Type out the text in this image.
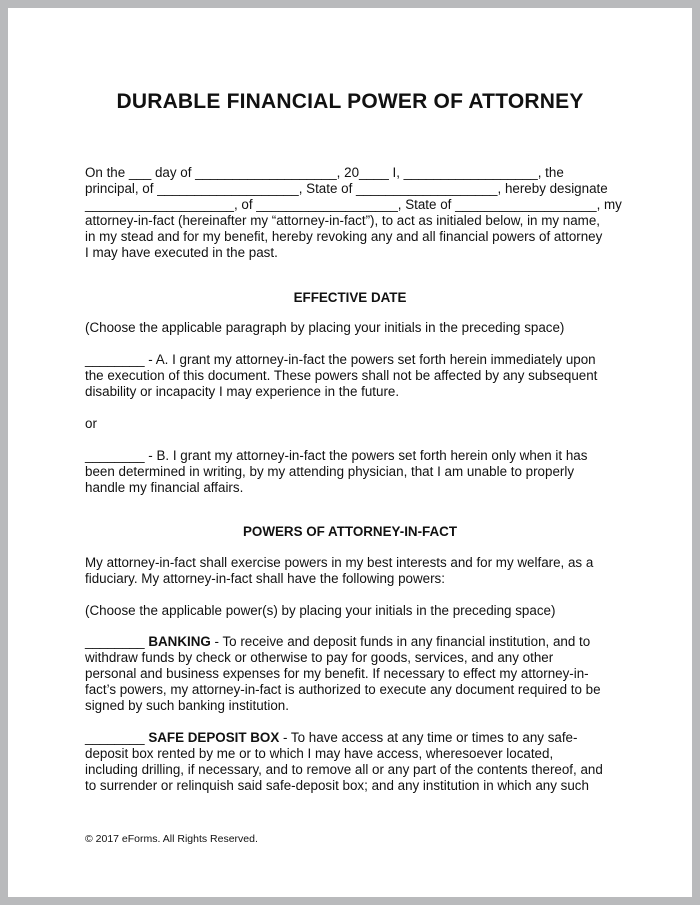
DURABLE FINANCIAL POWER OF ATTORNEY
On the ___ day of ___________________, 20____ I, __________________, the
principal, of ___________________, State of ___________________, hereby designate
____________________, of ___________________, State of ___________________, my
attorney-in-fact (hereinafter my “attorney-in-fact”), to act as initialed below, in my name,
in my stead and for my benefit, hereby revoking any and all financial powers of attorney
I may have executed in the past.
EFFECTIVE DATE
(Choose the applicable paragraph by placing your initials in the preceding space)
________ - A. I grant my attorney-in-fact the powers set forth herein immediately upon
the execution of this document. These powers shall not be affected by any subsequent
disability or incapacity I may experience in the future.
or
________ - B. I grant my attorney-in-fact the powers set forth herein only when it has
been determined in writing, by my attending physician, that I am unable to properly
handle my financial affairs.
POWERS OF ATTORNEY-IN-FACT
My attorney-in-fact shall exercise powers in my best interests and for my welfare, as a
fiduciary. My attorney-in-fact shall have the following powers:
(Choose the applicable power(s) by placing your initials in the preceding space)
________ BANKING - To receive and deposit funds in any financial institution, and to
withdraw funds by check or otherwise to pay for goods, services, and any other
personal and business expenses for my benefit. If necessary to effect my attorney-in-
fact’s powers, my attorney-in-fact is authorized to execute any document required to be
signed by such banking institution.
________ SAFE DEPOSIT BOX - To have access at any time or times to any safe-
deposit box rented by me or to which I may have access, wheresoever located,
including drilling, if necessary, and to remove all or any part of the contents thereof, and
to surrender or relinquish said safe-deposit box; and any institution in which any such
© 2017 eForms. All Rights Reserved.
